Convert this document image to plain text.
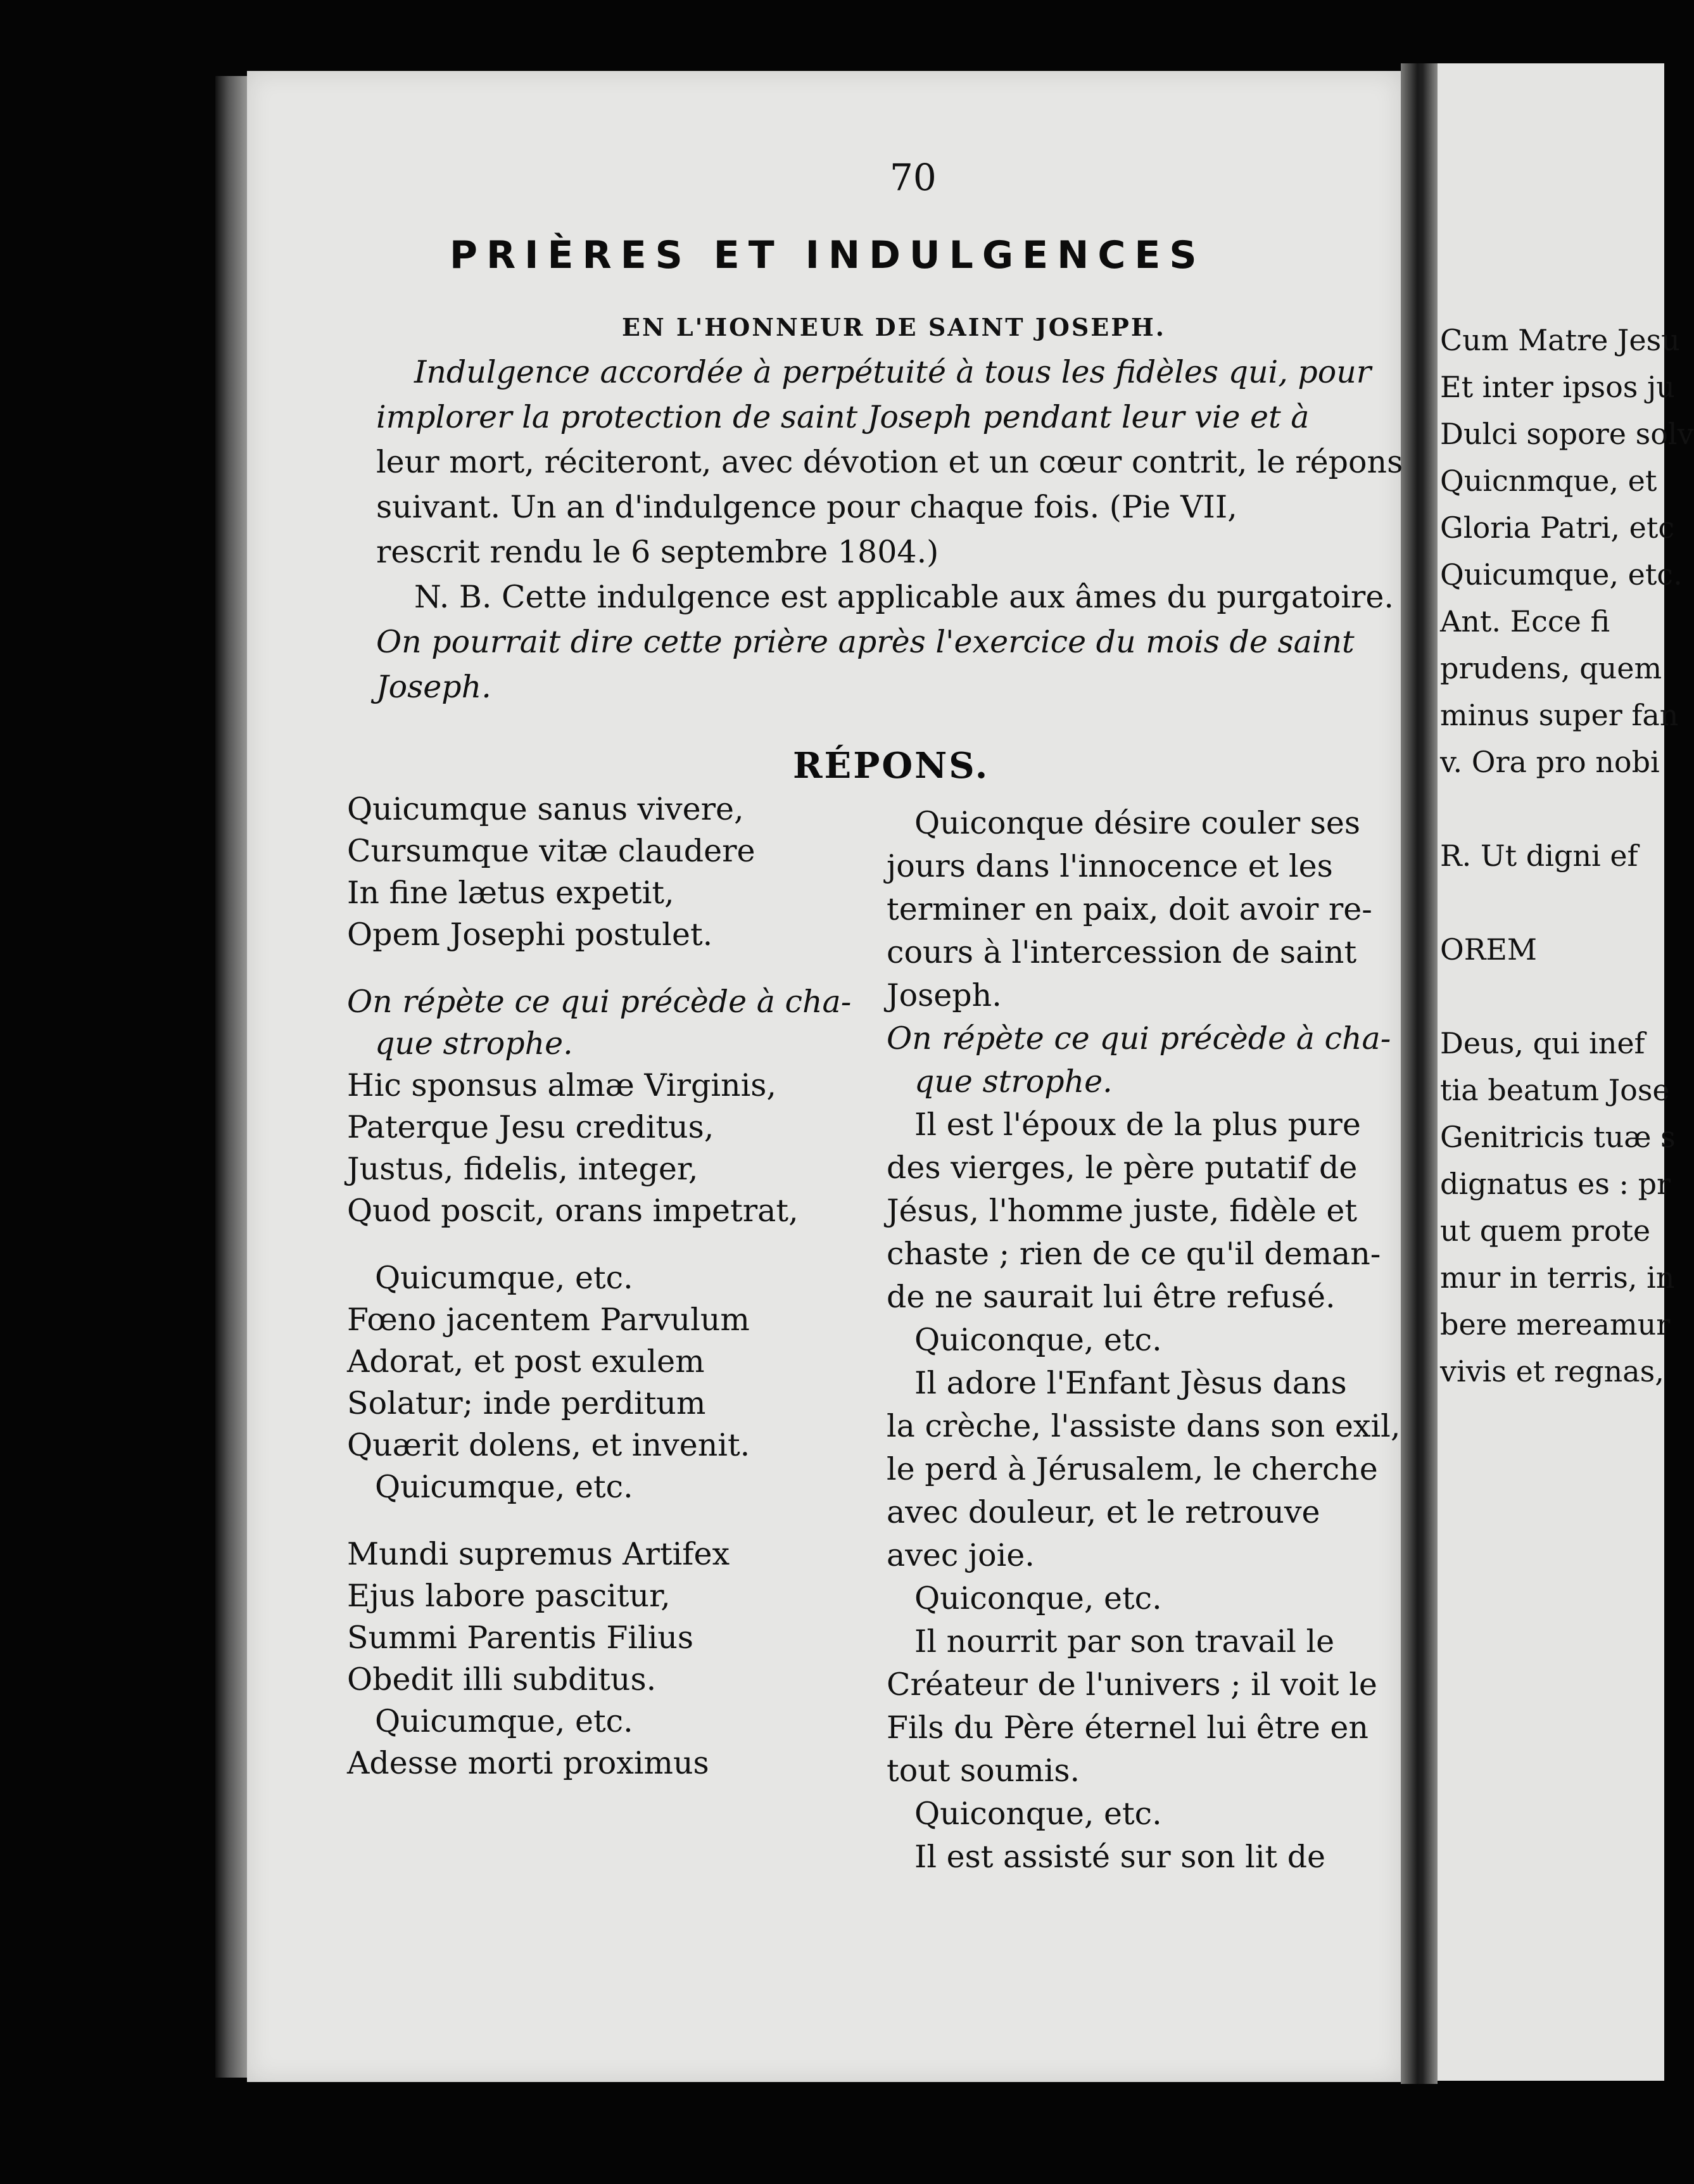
Cum Matre Jesu
Et inter ipsos ju
Dulci sopore solv
Quicnmque, et
Gloria Patri, etc
Quicumque, etc.
Ant. Ecce fi
prudens, quem
minus super fan
v. Ora pro nobi

R. Ut digni ef

OREM

Deus, qui inef
tia beatum Jose
Genitricis tuæ s
dignatus es : pr
ut quem prote
mur in terris, in
bere mereamur
vivis et regnas,
70
PRIÈRES ET INDULGENCES
EN L'HONNEUR DE SAINT JOSEPH.
Indulgence accordée à perpétuité à tous les fidèles qui, pour
implorer la protection de saint Joseph pendant leur vie et à
leur mort, réciteront, avec dévotion et un cœur contrit, le répons
suivant. Un an d'indulgence pour chaque fois. (Pie VII,
rescrit rendu le 6 septembre 1804.)
N. B. Cette indulgence est applicable aux âmes du purgatoire.
On pourrait dire cette prière après l'exercice du mois de saint
Joseph.
RÉPONS.
Quicumque sanus vivere,
Cursumque vitæ claudere
In fine lætus expetit,
Opem Josephi postulet.
On répète ce qui précède à cha-
que strophe.
Hic sponsus almæ Virginis,
Paterque Jesu creditus,
Justus, fidelis, integer,
Quod poscit, orans impetrat,
Quicumque, etc.
Fœno jacentem Parvulum
Adorat, et post exulem
Solatur; inde perditum
Quærit dolens, et invenit.
Quicumque, etc.
Mundi supremus Artifex
Ejus labore pascitur,
Summi Parentis Filius
Obedit illi subditus.
Quicumque, etc.
Adesse morti proximus
Quiconque désire couler ses
jours dans l'innocence et les
terminer en paix, doit avoir re-
cours à l'intercession de saint
Joseph.
On répète ce qui précède à cha-
que strophe.
Il est l'époux de la plus pure
des vierges, le père putatif de
Jésus, l'homme juste, fidèle et
chaste ; rien de ce qu'il deman-
de ne saurait lui être refusé.
Quiconque, etc.
Il adore l'Enfant Jèsus dans
la crèche, l'assiste dans son exil,
le perd à Jérusalem, le cherche
avec douleur, et le retrouve
avec joie.
Quiconque, etc.
Il nourrit par son travail le
Créateur de l'univers ; il voit le
Fils du Père éternel lui être en
tout soumis.
Quiconque, etc.
Il est assisté sur son lit de
